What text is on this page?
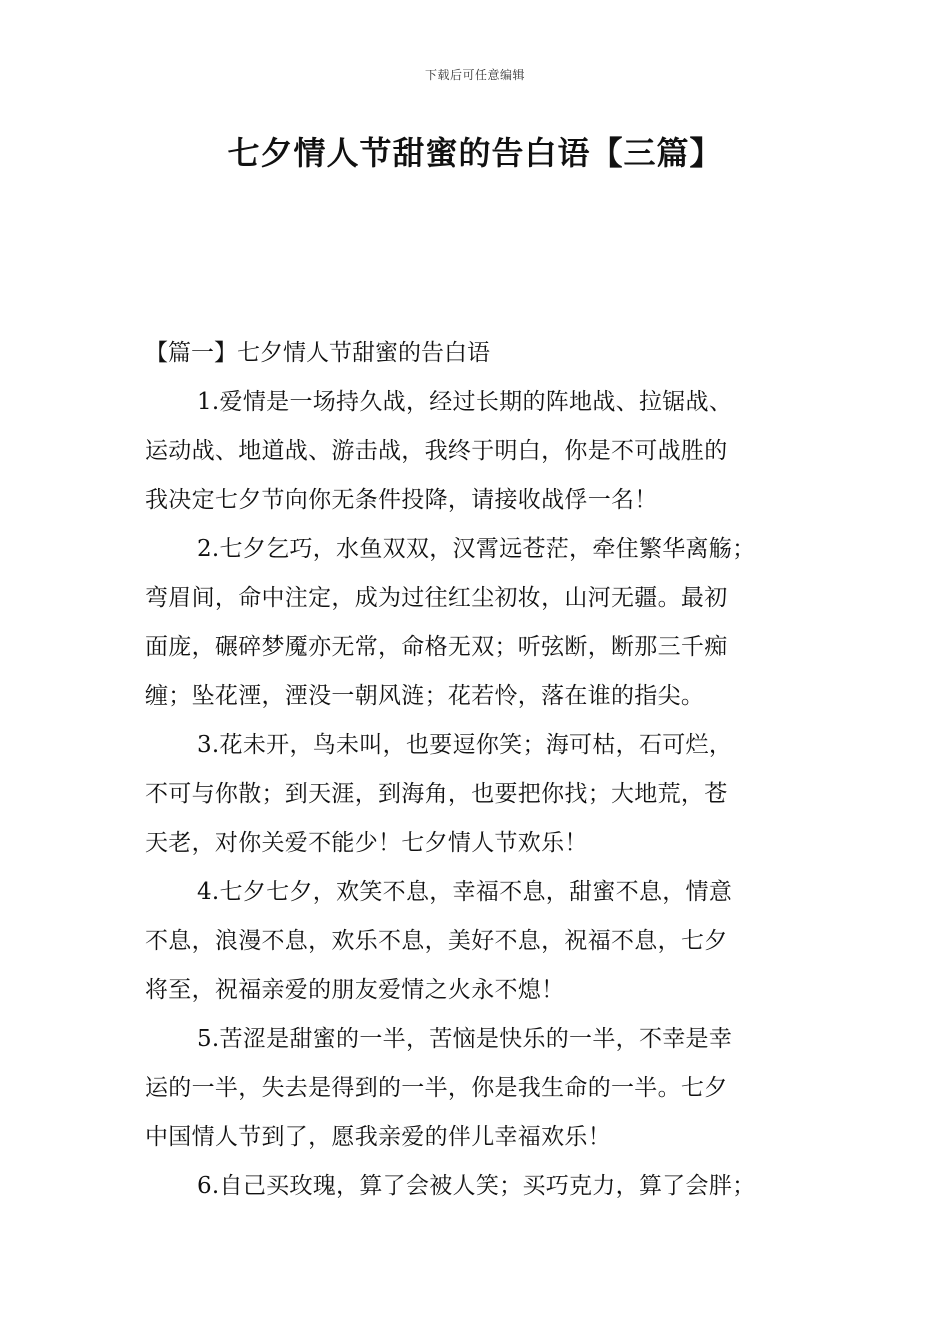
下载后可任意编辑
七夕情人节甜蜜的告白语【三篇】

【篇一】七夕情人节甜蜜的告白语

1.爱情是一场持久战，经过长期的阵地战、拉锯战、

运动战、地道战、游击战，我终于明白，你是不可战胜的

我决定七夕节向你无条件投降，请接收战俘一名！

2.七夕乞巧，水鱼双双，汉霄远苍茫，牵住繁华离觞；

弯眉间，命中注定，成为过往红尘初妆，山河无疆。最初

面庞，碾碎梦魇亦无常，命格无双；听弦断，断那三千痴

缠；坠花湮，湮没一朝风涟；花若怜，落在谁的指尖。

3.花未开，鸟未叫，也要逗你笑；海可枯，石可烂，

不可与你散；到天涯，到海角，也要把你找；大地荒，苍

天老，对你关爱不能少！七夕情人节欢乐！

4.七夕七夕，欢笑不息，幸福不息，甜蜜不息，情意

不息，浪漫不息，欢乐不息，美好不息，祝福不息，七夕

将至，祝福亲爱的朋友爱情之火永不熄！

5.苦涩是甜蜜的一半，苦恼是快乐的一半，不幸是幸

运的一半，失去是得到的一半，你是我生命的一半。七夕

中国情人节到了，愿我亲爱的伴儿幸福欢乐！

6.自己买玫瑰，算了会被人笑；买巧克力，算了会胖；
